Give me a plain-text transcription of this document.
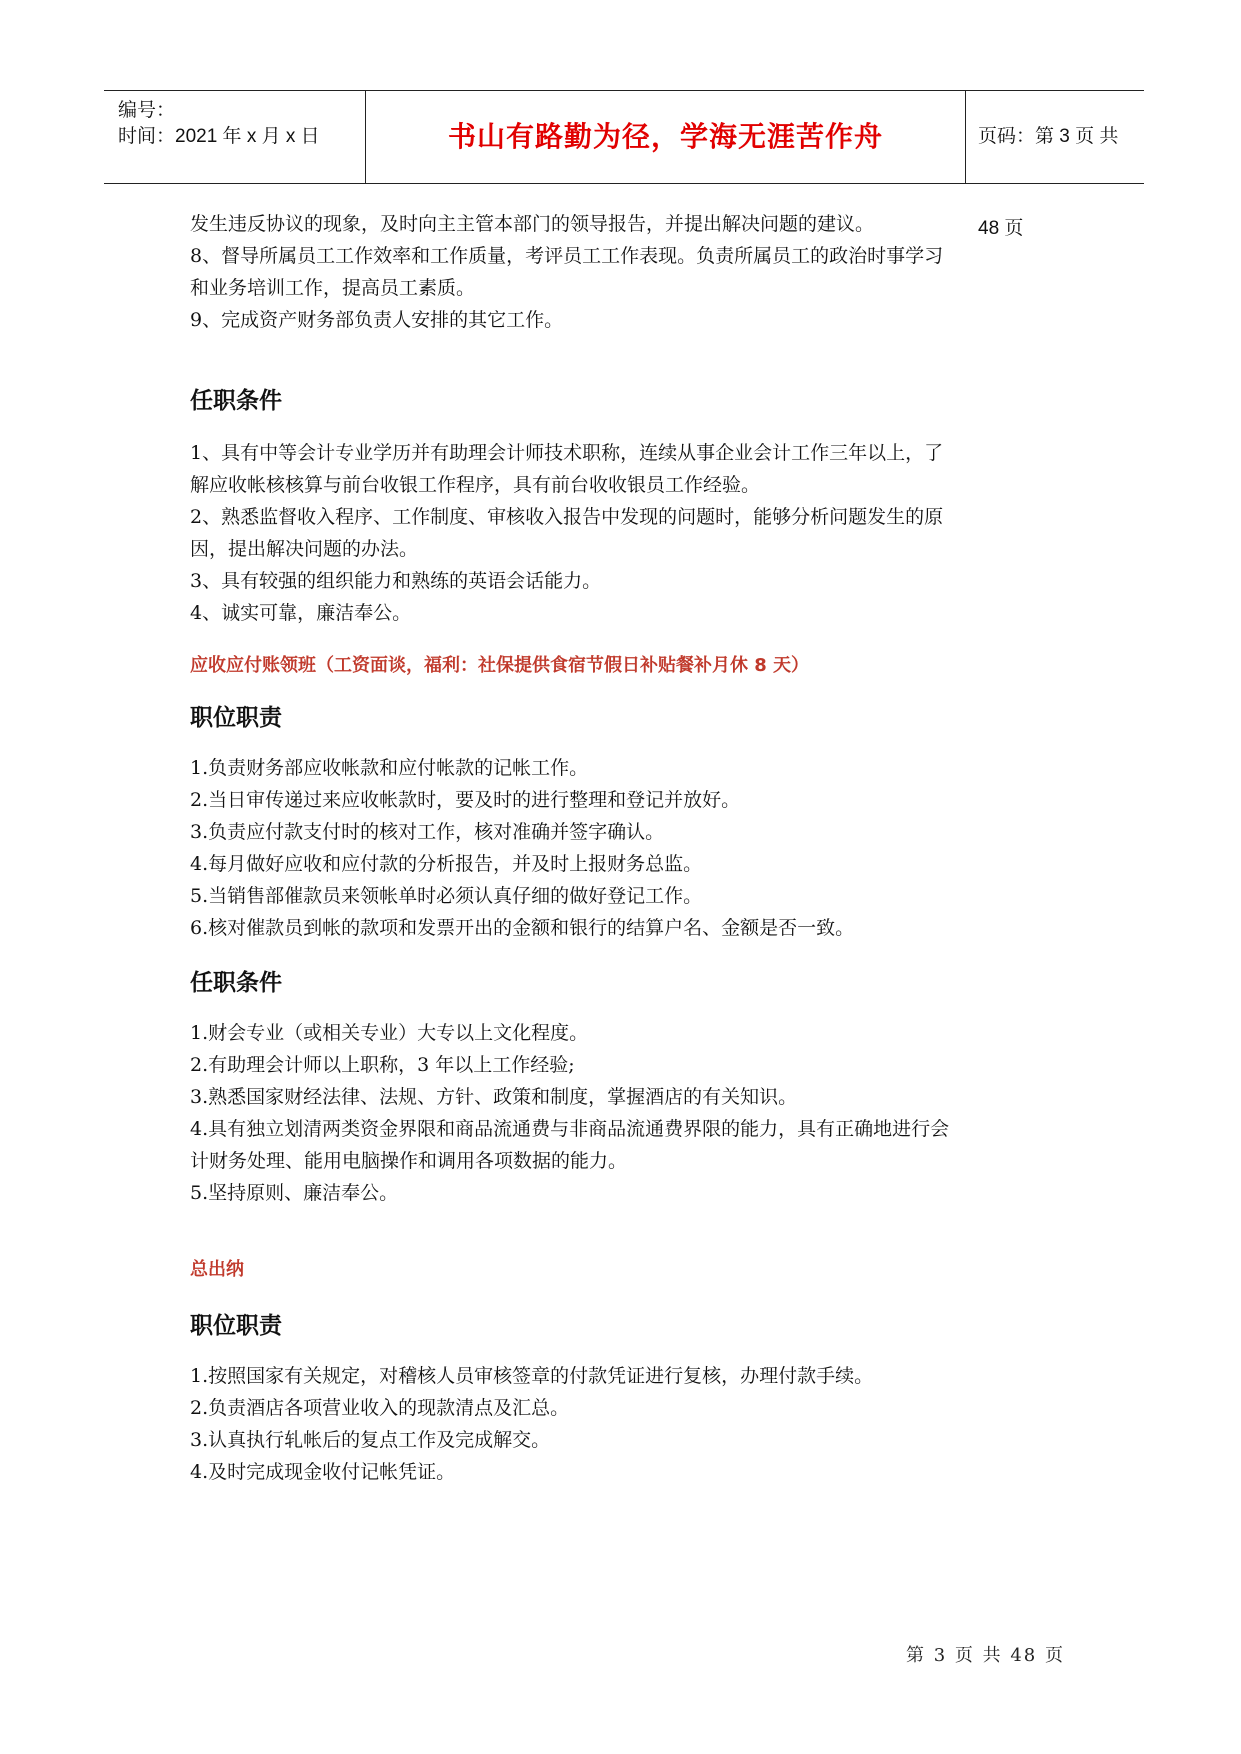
编号：
时间：2021 年 x 月 x 日	书山有路勤为径，学海无涯苦作舟	页码：第 3 页 共 48 页

发生违反协议的现象，及时向主主管本部门的领导报告，并提出解决问题的建议。

8、督导所属员工工作效率和工作质量，考评员工工作表现。负责所属员工的政治时事学习

和业务培训工作，提高员工素质。

9、完成资产财务部负责人安排的其它工作。

任职条件

1、具有中等会计专业学历并有助理会计师技术职称，连续从事企业会计工作三年以上，了

解应收帐核核算与前台收银工作程序，具有前台收收银员工作经验。

2、熟悉监督收入程序、工作制度、审核收入报告中发现的问题时，能够分析问题发生的原

因，提出解决问题的办法。

3、具有较强的组织能力和熟练的英语会话能力。

4、诚实可靠，廉洁奉公。

应收应付账领班（工资面谈，福利：社保提供食宿节假日补贴餐补月休 8 天）

职位职责

1.负责财务部应收帐款和应付帐款的记帐工作。

2.当日审传递过来应收帐款时，要及时的进行整理和登记并放好。

3.负责应付款支付时的核对工作，核对准确并签字确认。

4.每月做好应收和应付款的分析报告，并及时上报财务总监。

5.当销售部催款员来领帐单时必须认真仔细的做好登记工作。

6.核对催款员到帐的款项和发票开出的金额和银行的结算户名、金额是否一致。

任职条件

1.财会专业（或相关专业）大专以上文化程度。

2.有助理会计师以上职称，3 年以上工作经验;

3.熟悉国家财经法律、法规、方针、政策和制度，掌握酒店的有关知识。

4.具有独立划清两类资金界限和商品流通费与非商品流通费界限的能力，具有正确地进行会

计财务处理、能用电脑操作和调用各项数据的能力。

5.坚持原则、廉洁奉公。

总出纳

职位职责

1.按照国家有关规定，对稽核人员审核签章的付款凭证进行复核，办理付款手续。

2.负责酒店各项营业收入的现款清点及汇总。

3.认真执行轧帐后的复点工作及完成解交。

4.及时完成现金收付记帐凭证。

第 3 页 共 48 页
